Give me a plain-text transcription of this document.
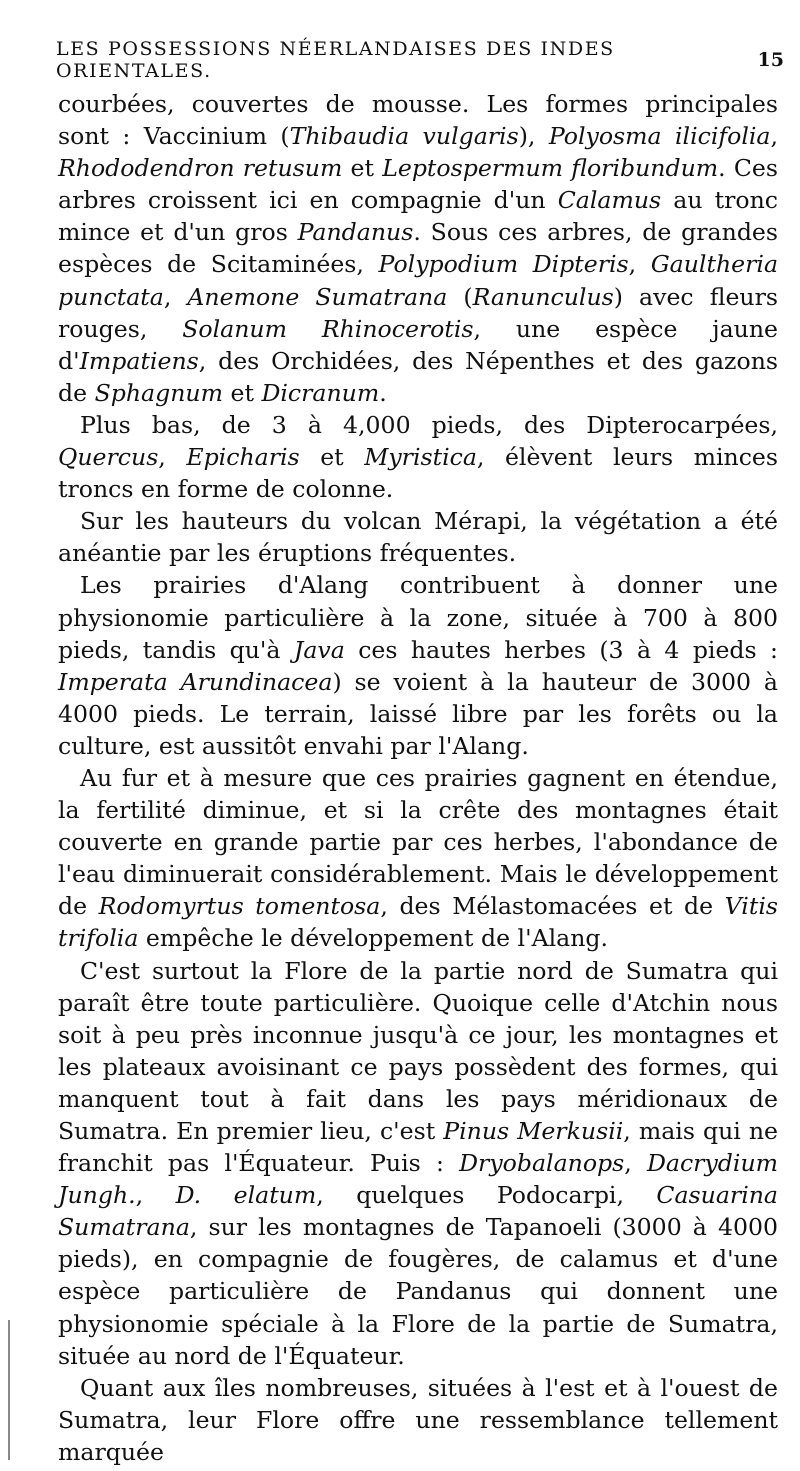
LES POSSESSIONS NÉERLANDAISES DES INDES ORIENTALES.	15

courbées, couvertes de mousse. Les formes principales sont : Vaccinium (Thibaudia vulgaris), Polyosma ilicifolia, Rhododendron retusum et Leptospermum floribundum. Ces arbres croissent ici en compagnie d'un Calamus au tronc mince et d'un gros Pandanus. Sous ces arbres, de grandes espèces de Scitaminées, Polypodium Dipteris, Gaultheria punctata, Anemone Sumatrana (Ranunculus) avec fleurs rouges, Solanum Rhinocerotis, une espèce jaune d'Impatiens, des Orchidées, des Népenthes et des gazons de Sphagnum et Dicranum.

Plus bas, de 3 à 4,000 pieds, des Dipterocarpées, Quercus, Epicharis et Myristica, élèvent leurs minces troncs en forme de colonne.

Sur les hauteurs du volcan Mérapi, la végétation a été anéantie par les éruptions fréquentes.

Les prairies d'Alang contribuent à donner une physionomie particulière à la zone, située à 700 à 800 pieds, tandis qu'à Java ces hautes herbes (3 à 4 pieds : Imperata Arundinacea) se voient à la hauteur de 3000 à 4000 pieds. Le terrain, laissé libre par les forêts ou la culture, est aussitôt envahi par l'Alang.

Au fur et à mesure que ces prairies gagnent en étendue, la fertilité diminue, et si la crête des montagnes était couverte en grande partie par ces herbes, l'abondance de l'eau diminuerait considérablement. Mais le développement de Rodomyrtus tomentosa, des Mélastomacées et de Vitis trifolia empêche le développement de l'Alang.

C'est surtout la Flore de la partie nord de Sumatra qui paraît être toute particulière. Quoique celle d'Atchin nous soit à peu près inconnue jusqu'à ce jour, les montagnes et les plateaux avoisinant ce pays possèdent des formes, qui manquent tout à fait dans les pays méridionaux de Sumatra. En premier lieu, c'est Pinus Merkusii, mais qui ne franchit pas l'Équateur. Puis : Dryobalanops, Dacrydium Jungh., D. elatum, quelques Podocarpi, Casuarina Sumatrana, sur les montagnes de Tapanoeli (3000 à 4000 pieds), en compagnie de fougères, de calamus et d'une espèce particulière de Pandanus qui donnent une physionomie spéciale à la Flore de la partie de Sumatra, située au nord de l'Équateur.

Quant aux îles nombreuses, situées à l'est et à l'ouest de Sumatra, leur Flore offre une ressemblance tellement marquée
